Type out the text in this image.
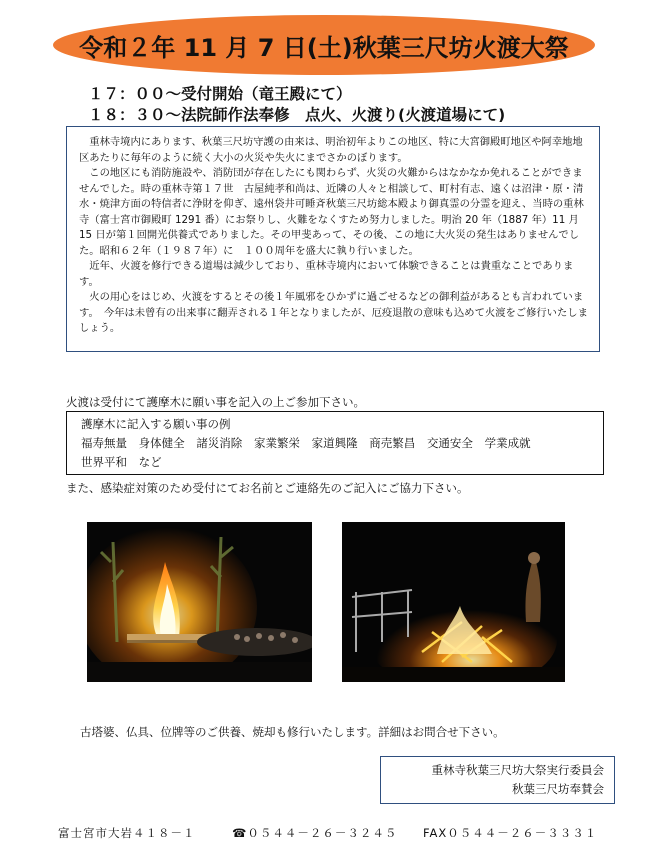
令和２年 11 月 7 日(土)秋葉三尺坊火渡大祭
１７：００～受付開始（竜王殿にて）
１８：３０～法院師作法奉修　点火、火渡り(火渡道場にて)

重林寺境内にあります、秋葉三尺坊守護の由来は、明治初年よりこの地区、特に大宮御殿町地区や阿幸地地区あたりに毎年のように続く大小の火災や失火にまでさかのぼります。

この地区にも消防施設や、消防団が存在したにも関わらず、火災の火難からはなかなか免れることができませんでした。時の重林寺第１７世　古屋純孝和尚は、近隣の人々と相談して、町村有志、遠くは沼津・原・清水・焼津方面の特信者に浄財を仰ぎ、遠州袋井可睡斉秋葉三尺坊総本殿より御真霊の分霊を迎え、当時の重林寺（富士宮市御殿町 1291 番）にお祭りし、火難をなくすため努力しました。明治 20 年（1887 年）11 月 15 日が第１回開光供養式でありました。その甲斐あって、その後、この地に大火災の発生はありませんでした。昭和６２年（１９８７年）に　１００周年を盛大に執り行いました。

近年、火渡を修行できる道場は減少しており、重林寺境内において体験できることは貴重なことであります。

火の用心をはじめ、火渡をするとその後１年風邪をひかずに過ごせるなどの御利益があるとも言われています。　今年は未曾有の出来事に翻弄される１年となりましたが、厄疫退散の意味も込めて火渡をご修行いたしましょう。

火渡は受付にて護摩木に願い事を記入の上ご参加下さい。
護摩木に記入する願い事の例
福寿無量 身体健全 諸災消除 家業繁栄 家道興隆 商売繁昌 交通安全 学業成就
世界平和 など
また、感染症対策のため受付にてお名前とご連絡先のご記入にご協力下さい。
古塔婆、仏具、位牌等のご供養、焼却も修行いたします。詳細はお問合せ下さい。
重林寺秋葉三尺坊大祭実行委員会
秋葉三尺坊奉賛会
富士宮市大岩４１８－１	☎０５４４－２６－３２４５ FAX０５４４－２６－３３３１
